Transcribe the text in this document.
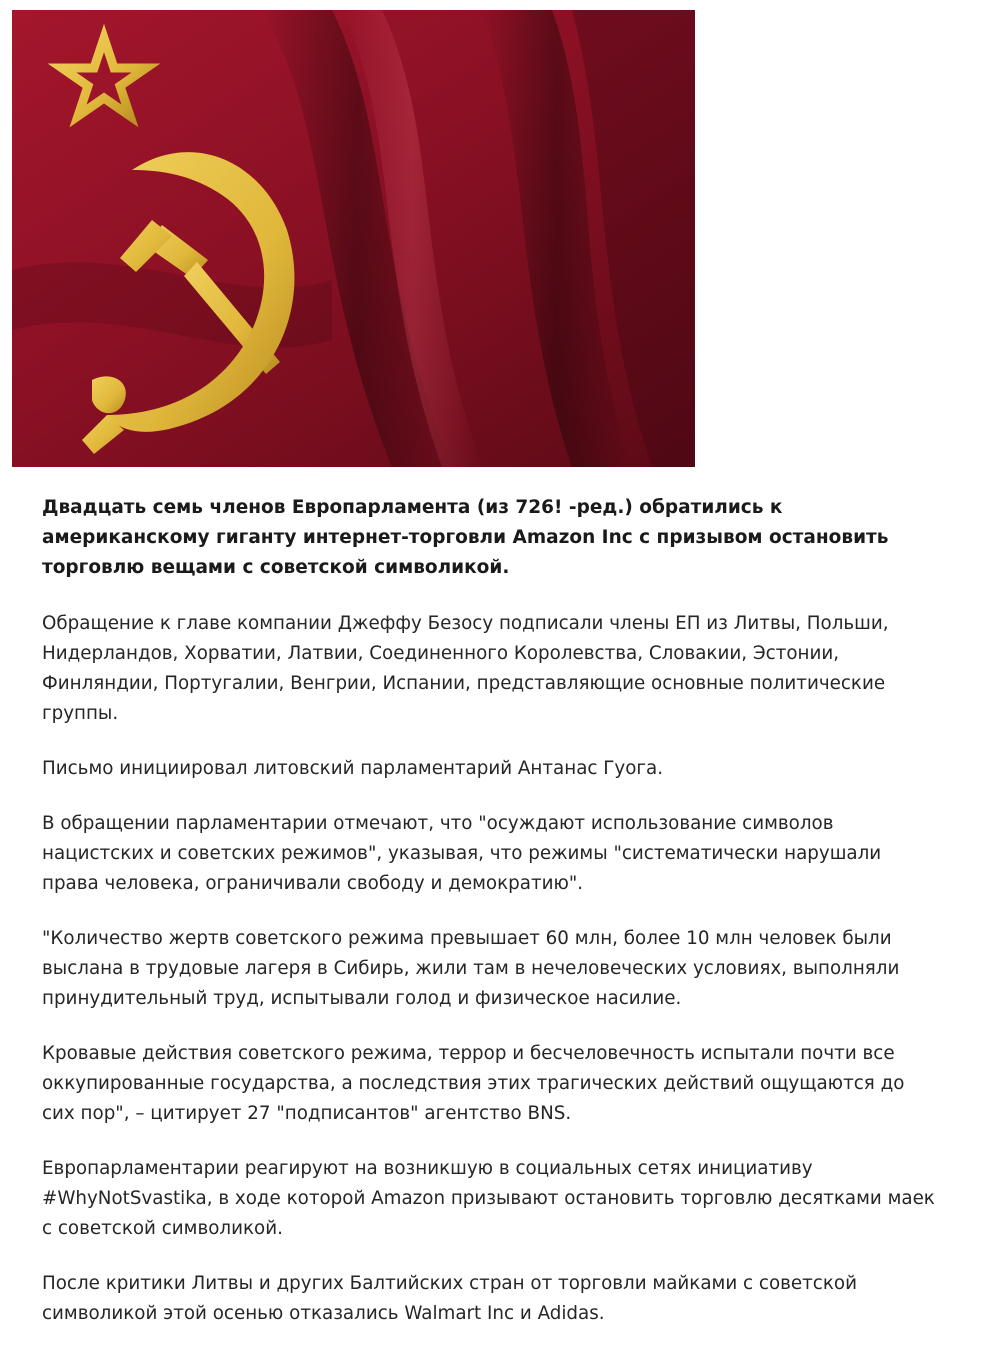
Двадцать семь членов Европарламента (из 726! -ред.) обратились к американскому гиганту интернет-торговли Amazon Inc с призывом остановить торговлю вещами с советской символикой.

Обращение к главе компании Джеффу Безосу подписали члены ЕП из Литвы, Польши, Нидерландов, Хорватии, Латвии, Соединенного Королевства, Словакии, Эстонии, Финляндии, Португалии, Венгрии, Испании, представляющие основные политические группы.

Письмо инициировал литовский парламентарий Антанас Гуога.

В обращении парламентарии отмечают, что "осуждают использование символов нацистских и советских режимов", указывая, что режимы "систематически нарушали права человека, ограничивали свободу и демократию".

"Количество жертв советского режима превышает 60 млн, более 10 млн человек были выслана в трудовые лагеря в Сибирь, жили там в нечеловеческих условиях, выполняли принудительный труд, испытывали голод и физическое насилие.

Кровавые действия советского режима, террор и бесчеловечность испытали почти все оккупированные государства, а последствия этих трагических действий ощущаются до сих пор", – цитирует 27 "подписантов" агентство BNS.

Европарламентарии реагируют на возникшую в социальных сетях инициативу #WhyNotSvastika, в ходе которой Amazon призывают остановить торговлю десятками маек с советской символикой.

После критики Литвы и других Балтийских стран от торговли майками с советской символикой этой осенью отказались Walmart Inc и Adidas.
